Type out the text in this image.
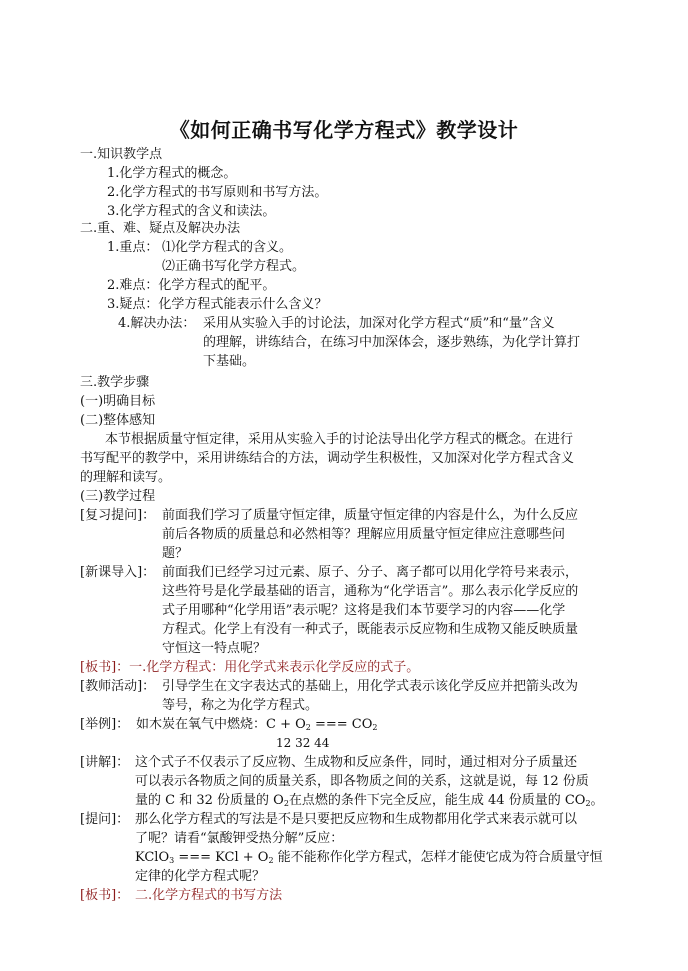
《如何正确书写化学方程式》教学设计
一.知识教学点
1.化学方程式的概念。
2.化学方程式的书写原则和书写方法。
3.化学方程式的含义和读法。
二.重、难、疑点及解决办法
1.重点： ⑴化学方程式的含义。
⑵正确书写化学方程式。
2.难点：化学方程式的配平。
3.疑点：化学方程式能表示什么含义？
4.解决办法： 采用从实验入手的讨论法，加深对化学方程式“质”和“量”含义
的理解，讲练结合，在练习中加深体会，逐步熟练，为化学计算打
下基础。
三.教学步骤
(一)明确目标
(二)整体感知
本节根据质量守恒定律，采用从实验入手的讨论法导出化学方程式的概念。在进行
书写配平的教学中，采用讲练结合的方法，调动学生积极性，又加深对化学方程式含义
的理解和读写。
(三)教学过程
[复习提问]： 前面我们学习了质量守恒定律，质量守恒定律的内容是什么，为什么反应
前后各物质的质量总和必然相等？理解应用质量守恒定律应注意哪些问
题？
[新课导入]： 前面我们已经学习过元素、原子、分子、离子都可以用化学符号来表示，
这些符号是化学最基础的语言，通称为“化学语言”。那么表示化学反应的
式子用哪种“化学用语”表示呢？这将是我们本节要学习的内容——化学
方程式。化学上有没有一种式子，既能表示反应物和生成物又能反映质量
守恒这一特点呢？
[板书]：一.化学方程式：用化学式来表示化学反应的式子。
[教师活动]： 引导学生在文字表达式的基础上，用化学式表示该化学反应并把箭头改为
等号，称之为化学方程式。
[举例]： 如木炭在氧气中燃烧：$C + O_2$ === $CO_2$
12 32 44
[讲解]： 这个式子不仅表示了反应物、生成物和反应条件，同时，通过相对分子质量还
可以表示各物质之间的质量关系，即各物质之间的关系，这就是说，每 12 份质
量的 C 和 32 份质量的 $O_2$在点燃的条件下完全反应，能生成 44 份质量的 $CO_2$。
[提问]： 那么化学方程式的写法是不是只要把反应物和生成物都用化学式来表示就可以
了呢？请看“氯酸钾受热分解”反应：
KClO$_3$ === KCl + $O_2$ 能不能称作化学方程式，怎样才能使它成为符合质量守恒
定律的化学方程式呢？
[板书]： 二.化学方程式的书写方法
